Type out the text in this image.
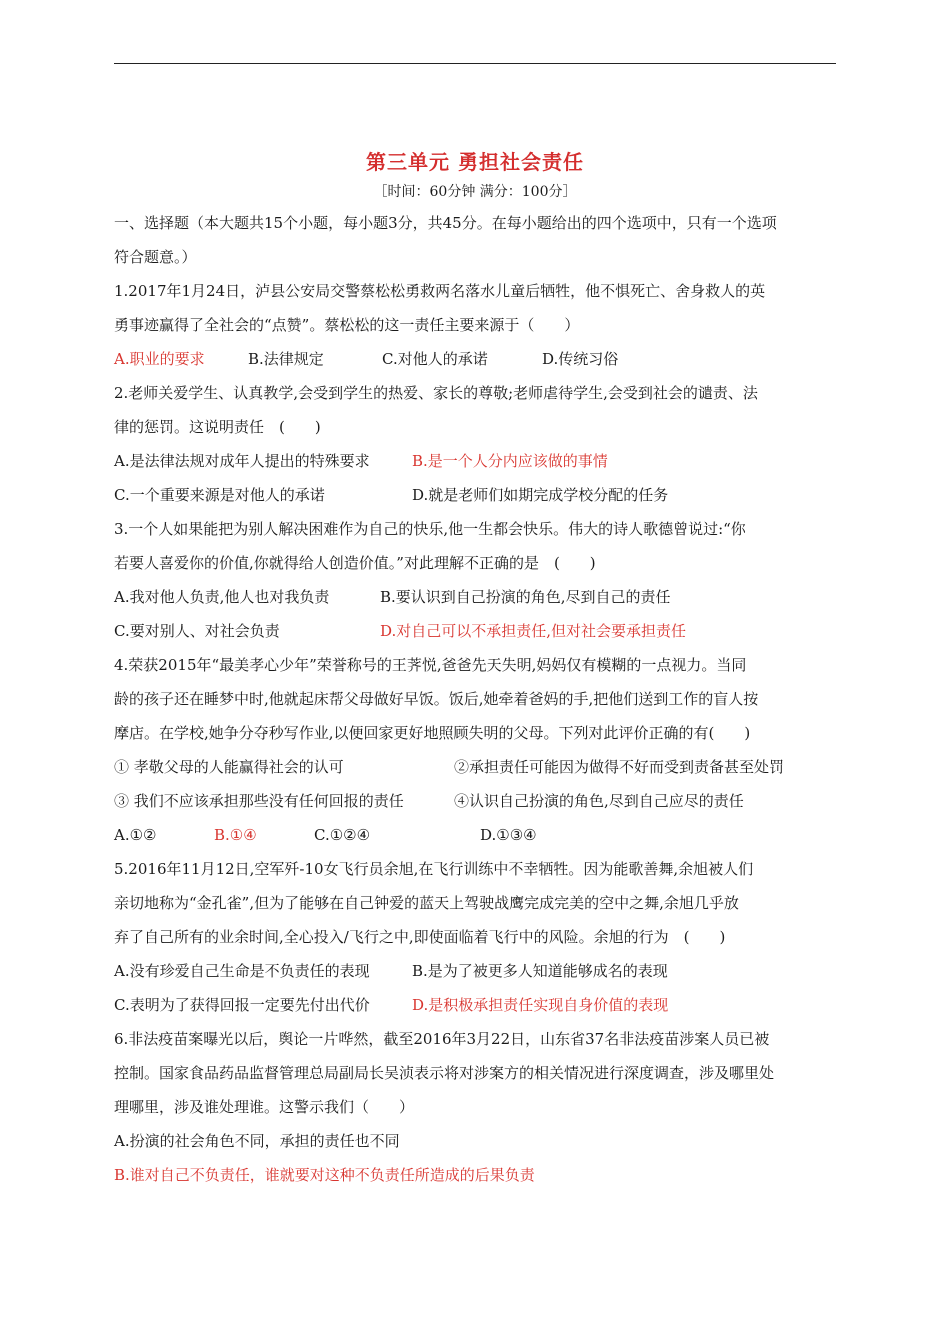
第三单元 勇担社会责任
［时间：60分钟 满分：100分］

一、选择题（本大题共15个小题，每小题3分，共45分。在每小题给出的四个选项中，只有一个选项

符合题意。）

1.2017年1月24日，泸县公安局交警蔡松松勇救两名落水儿童后牺牲，他不惧死亡、舍身救人的英

勇事迹赢得了全社会的“点赞”。蔡松松的这一责任主要来源于（　　）

A.职业的要求	B.法律规定	C.对他人的承诺	D.传统习俗

2.老师关爱学生、认真教学,会受到学生的热爱、家长的尊敬;老师虐待学生,会受到社会的谴责、法

律的惩罚。这说明责任　(　　)

A.是法律法规对成年人提出的特殊要求	B.是一个人分内应该做的事情

C.一个重要来源是对他人的承诺	D.就是老师们如期完成学校分配的任务

3.一个人如果能把为别人解决困难作为自己的快乐,他一生都会快乐。伟大的诗人歌德曾说过:“你

若要人喜爱你的价值,你就得给人创造价值。”对此理解不正确的是　(　　)

A.我对他人负责,他人也对我负责	B.要认识到自己扮演的角色,尽到自己的责任

C.要对别人、对社会负责	D.对自己可以不承担责任,但对社会要承担责任

4.荣获2015年“最美孝心少年”荣誉称号的王荠悦,爸爸先天失明,妈妈仅有模糊的一点视力。当同

龄的孩子还在睡梦中时,他就起床帮父母做好早饭。饭后,她牵着爸妈的手,把他们送到工作的盲人按

摩店。在学校,她争分夺秒写作业,以便回家更好地照顾失明的父母。下列对此评价正确的有(　　)

① 孝敬父母的人能赢得社会的认可	②承担责任可能因为做得不好而受到责备甚至处罚

③ 我们不应该承担那些没有任何回报的责任	④认识自己扮演的角色,尽到自己应尽的责任

A.①②	B.①④	C.①②④	D.①③④

5.2016年11月12日,空军歼-10女飞行员余旭,在飞行训练中不幸牺牲。因为能歌善舞,余旭被人们

亲切地称为“金孔雀”,但为了能够在自己钟爱的蓝天上驾驶战鹰完成完美的空中之舞,余旭几乎放

弃了自己所有的业余时间,全心投入/飞行之中,即使面临着飞行中的风险。余旭的行为　(　　)

A.没有珍爱自己生命是不负责任的表现	B.是为了被更多人知道能够成名的表现

C.表明为了获得回报一定要先付出代价	D.是积极承担责任实现自身价值的表现

6.非法疫苗案曝光以后，舆论一片哗然，截至2016年3月22日，山东省37名非法疫苗涉案人员已被

控制。国家食品药品监督管理总局副局长吴浈表示将对涉案方的相关情况进行深度调查，涉及哪里处

理哪里，涉及谁处理谁。这警示我们（　　）

A.扮演的社会角色不同，承担的责任也不同

B.谁对自己不负责任，谁就要对这种不负责任所造成的后果负责
